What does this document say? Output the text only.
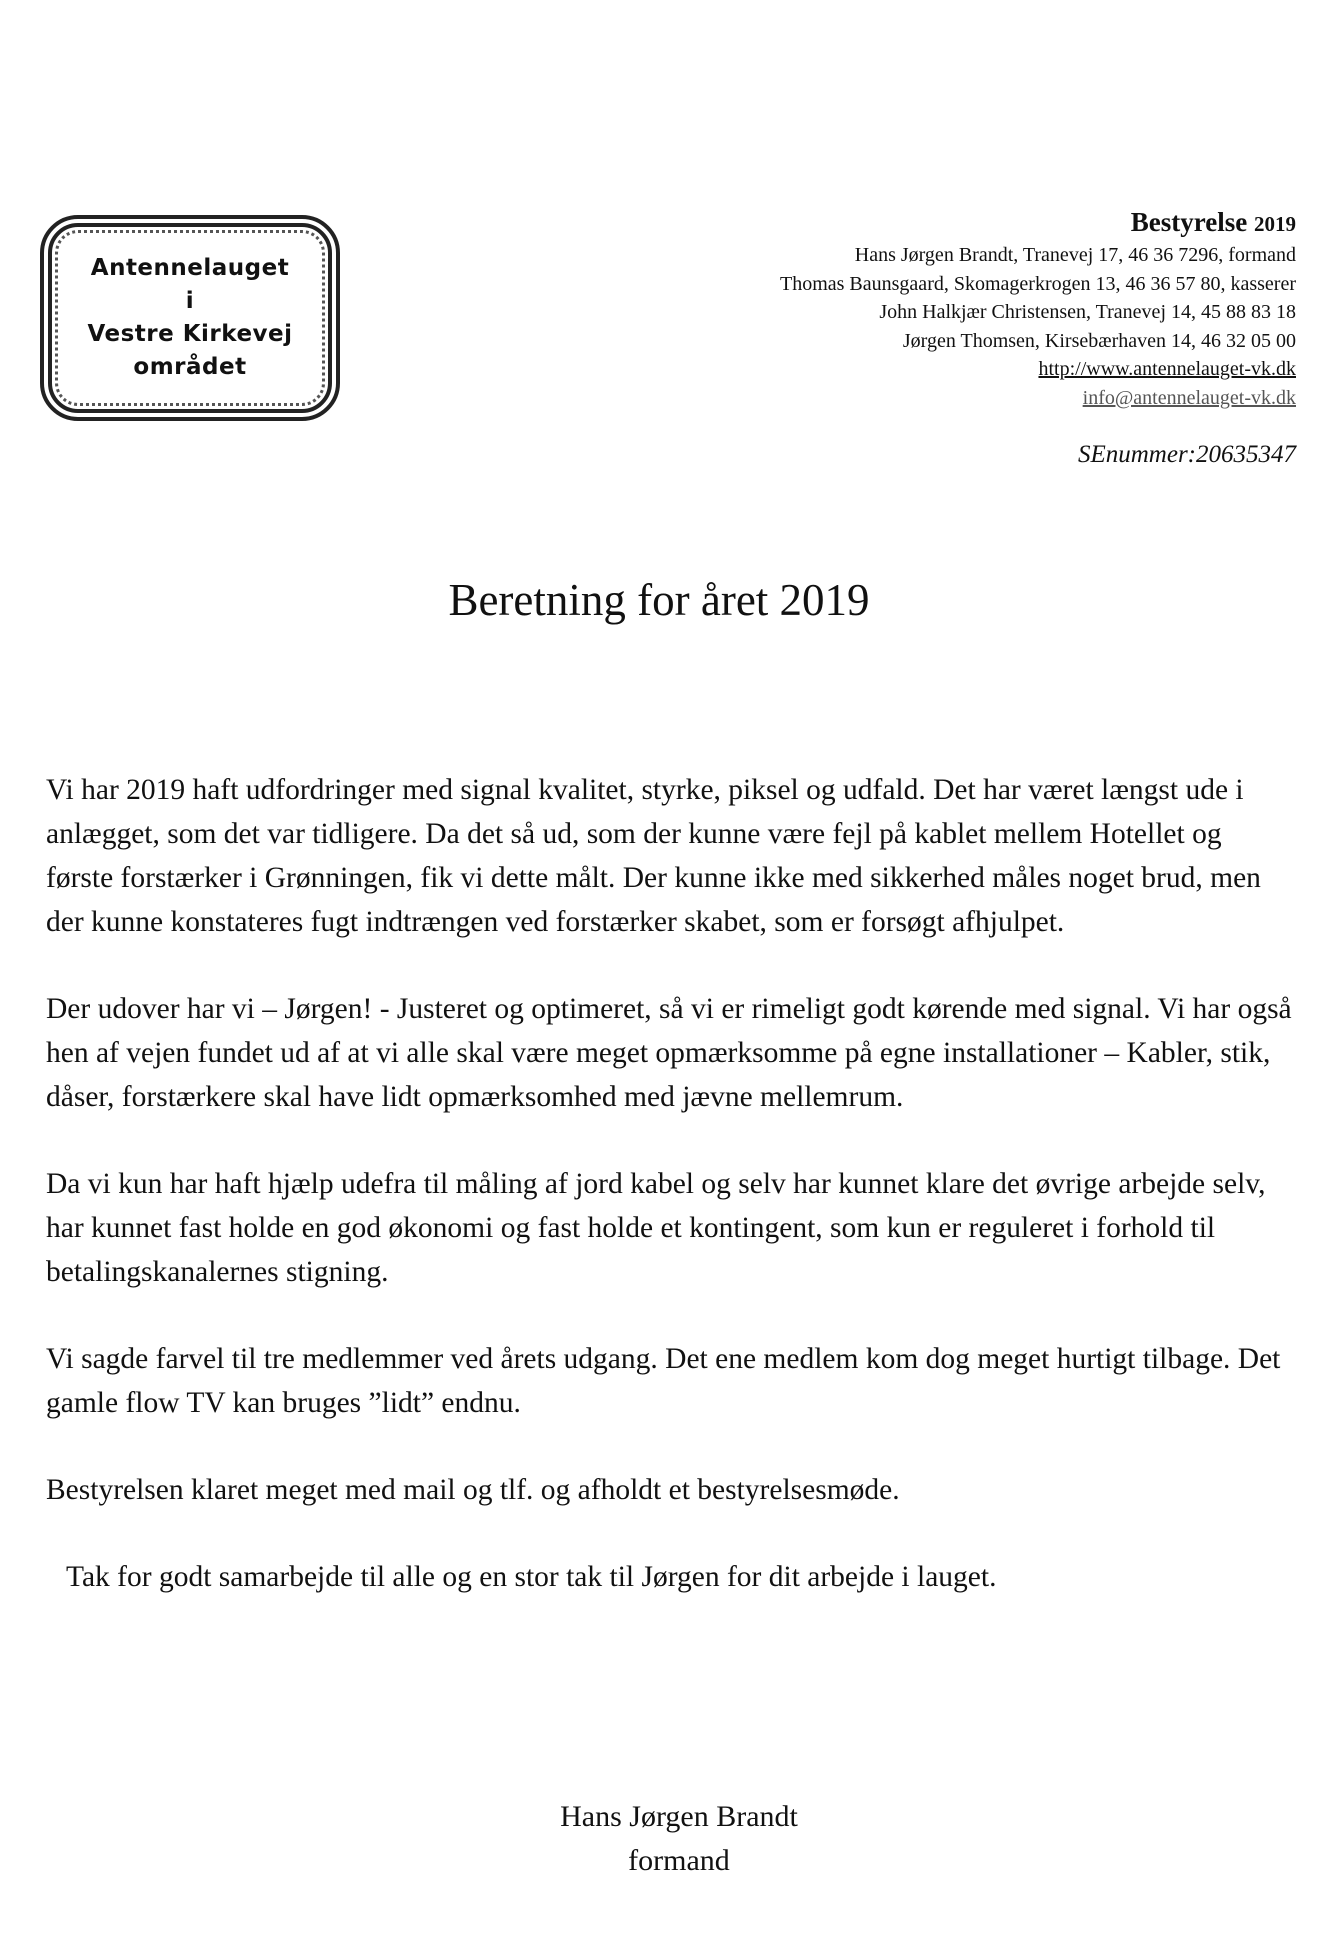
Antennelauget
i
Vestre Kirkevej
området
Bestyrelse 2019
Hans Jørgen Brandt, Tranevej 17, 46 36 7296, formand
Thomas Baunsgaard, Skomagerkrogen 13, 46 36 57 80, kasserer
John Halkjær Christensen, Tranevej 14, 45 88 83 18
Jørgen Thomsen, Kirsebærhaven 14, 46 32 05 00
http://www.antennelauget-vk.dk
info@antennelauget-vk.dk
SEnummer:20635347
Beretning for året 2019

Vi har 2019 haft udfordringer med signal kvalitet, styrke, piksel og udfald. Det har været længst ude i anlægget, som det var tidligere. Da det så ud, som der kunne være fejl på kablet mellem Hotellet og første forstærker i Grønningen, fik vi dette målt. Der kunne ikke med sikkerhed måles noget brud, men der kunne konstateres fugt indtrængen ved forstærker skabet, som er forsøgt afhjulpet.

Der udover har vi – Jørgen! - Justeret og optimeret, så vi er rimeligt godt kørende med signal. Vi har også hen af vejen fundet ud af at vi alle skal være meget opmærksomme på egne installationer – Kabler, stik, dåser, forstærkere skal have lidt opmærksomhed med jævne mellemrum.

Da vi kun har haft hjælp udefra til måling af jord kabel og selv har kunnet klare det øvrige arbejde selv, har kunnet fast holde en god økonomi og fast holde et kontingent, som kun er reguleret i forhold til betalingskanalernes stigning.

Vi sagde farvel til tre medlemmer ved årets udgang. Det ene medlem kom dog meget hurtigt tilbage. Det gamle flow TV kan bruges ”lidt” endnu.

Bestyrelsen klaret meget med mail og tlf. og afholdt et bestyrelsesmøde.

Tak for godt samarbejde til alle og en stor tak til Jørgen for dit arbejde i lauget.

Hans Jørgen Brandt
formand
